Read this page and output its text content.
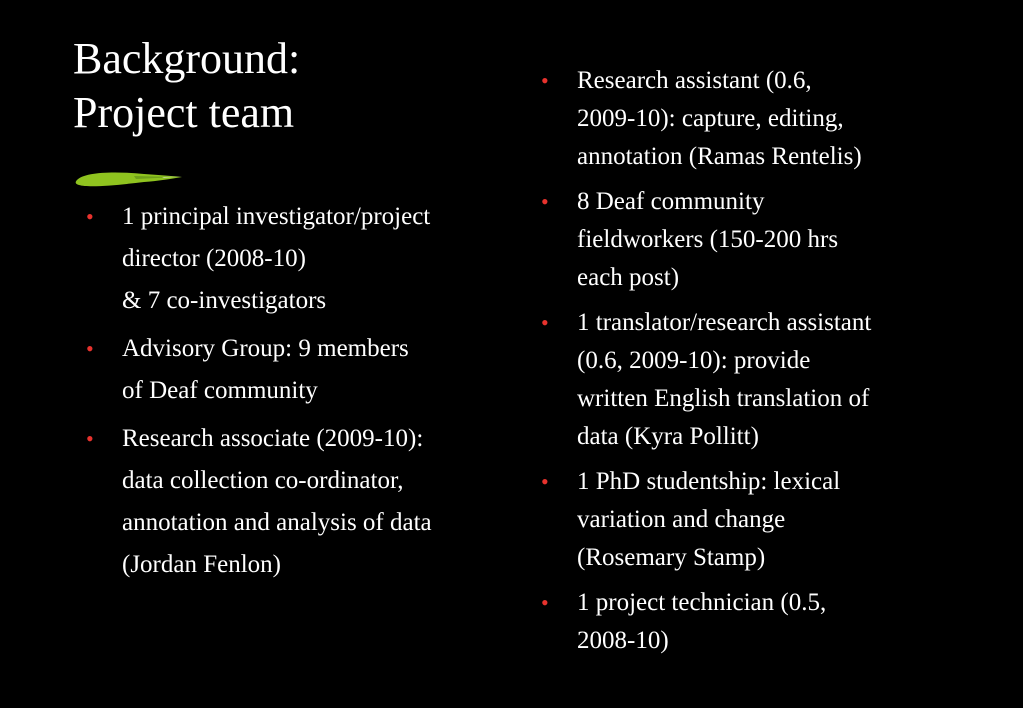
Background:
Project team
• 1 principal investigator/project
director (2008-10)
& 7 co-investigators
• Advisory Group: 9 members
of Deaf community
• Research associate (2009-10):
data collection co-ordinator,
annotation and analysis of data
(Jordan Fenlon)
• Research assistant (0.6,
2009-10): capture, editing,
annotation (Ramas Rentelis)
• 8 Deaf community
fieldworkers (150-200 hrs
each post)
• 1 translator/research assistant
(0.6, 2009-10): provide
written English translation of
data (Kyra Pollitt)
• 1 PhD studentship: lexical
variation and change
(Rosemary Stamp)
• 1 project technician (0.5,
2008-10)
